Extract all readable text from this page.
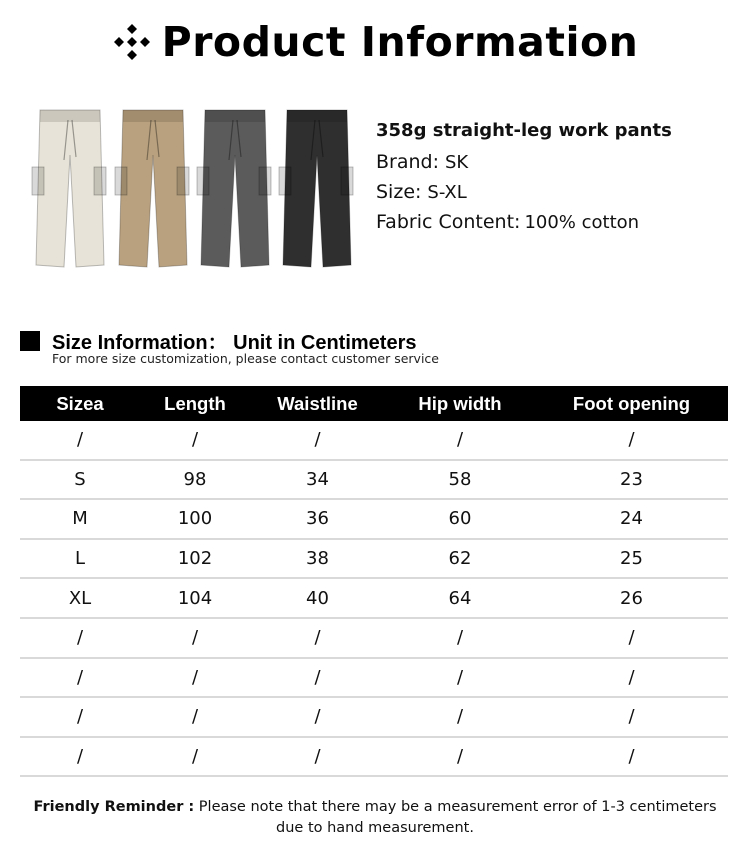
Product Information
358g straight-leg work pants
Brand: SK
Size: S-XL
Fabric Content: 100% cotton
Size Information： Unit in Centimeters
For more size customization, please contact customer service
Sizea	Length	Waistline	Hip width	Foot opening
/	/	/	/	/
S	98	34	58	23
M	100	36	60	24
L	102	38	62	25
XL	104	40	64	26
/	/	/	/	/
/	/	/	/	/
/	/	/	/	/
/	/	/	/	/
Friendly Reminder : Please note that there may be a measurement error of 1-3 centimeters due to hand measurement.
